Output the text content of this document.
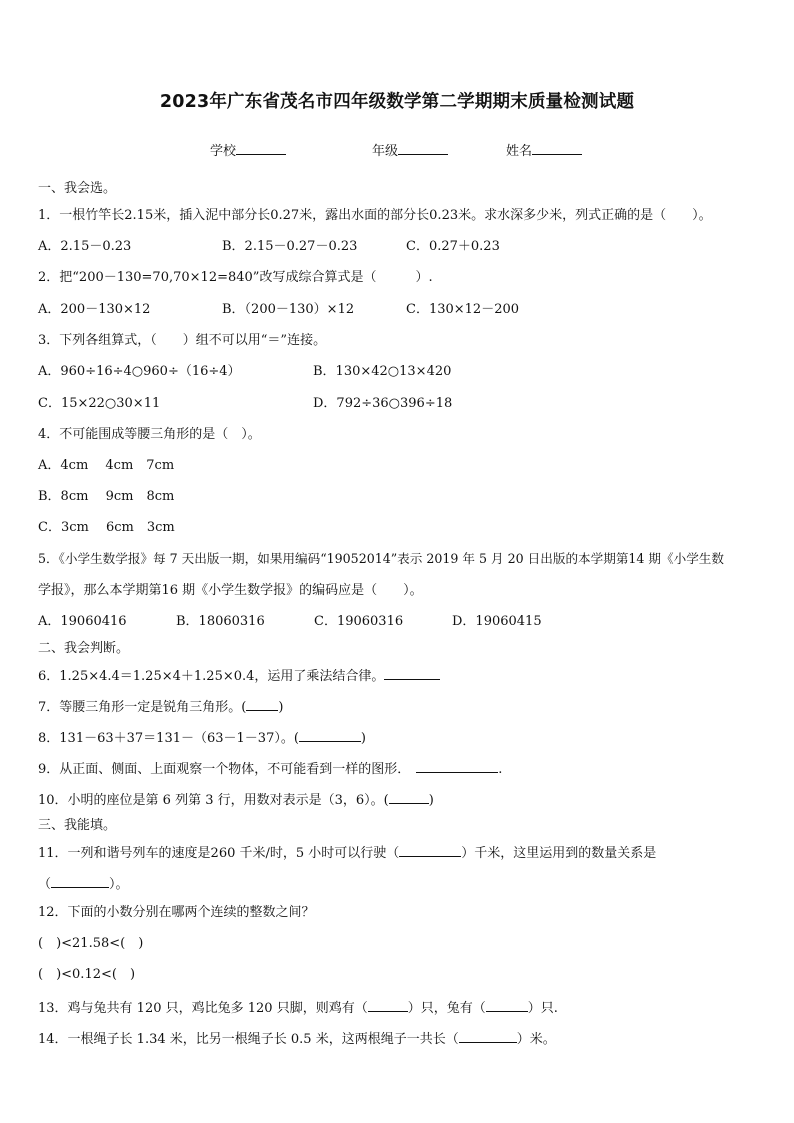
2023年广东省茂名市四年级数学第二学期期末质量检测试题
学校	年级	姓名
一、我会选。
1．一根竹竿长2.15米，插入泥中部分长0.27米，露出水面的部分长0.23米。求水深多少米，列式正确的是（　　）。
A．2.15－0.23	B．2.15－0.27－0.23	C．0.27＋0.23
2．把“200－130=70,70×12=840”改写成综合算式是（　　　）.
A．200－130×12	B．（200－130）×12	C．130×12－200
3．下列各组算式，（　　）组不可以用“＝”连接。
A．960÷16÷4○960÷（16÷4）	B．130×42○13×420
C．15×22○30×11	D．792÷36○396÷18
4．不可能围成等腰三角形的是（　）。
A．4cm　 4cm　7cm
B．8cm　 9cm　8cm
C．3cm　 6cm　3cm
5．《小学生数学报》每 7 天出版一期，如果用编码“19052014”表示 2019 年 5 月 20 日出版的本学期第14 期《小学生数
学报》，那么本学期第16 期《小学生数学报》的编码应是（　　）。
A．19060416	B．18060316	C．19060316	D．19060415
二、我会判断。
6．1.25×4.4＝1.25×4＋1.25×0.4，运用了乘法结合律。
7．等腰三角形一定是锐角三角形。( )
8．131－63＋37＝131－（63－1－37）。(	)
9．从正面、侧面、上面观察一个物体，不可能看到一样的图形．	.
10．小明的座位是第 6 列第 3 行，用数对表示是（3，6）。(	)
三、我能填。
11．一列和谐号列车的速度是260 千米/时，5 小时可以行驶（	）千米，这里运用到的数量关系是
（	）。
12．下面的小数分别在哪两个连续的整数之间？
(　)<21.58<(　)
(　)<0.12<(　)
13．鸡与兔共有 120 只，鸡比兔多 120 只脚，则鸡有（	）只，兔有（	）只.
14．一根绳子长 1.34 米，比另一根绳子长 0.5 米，这两根绳子一共长（	）米。
